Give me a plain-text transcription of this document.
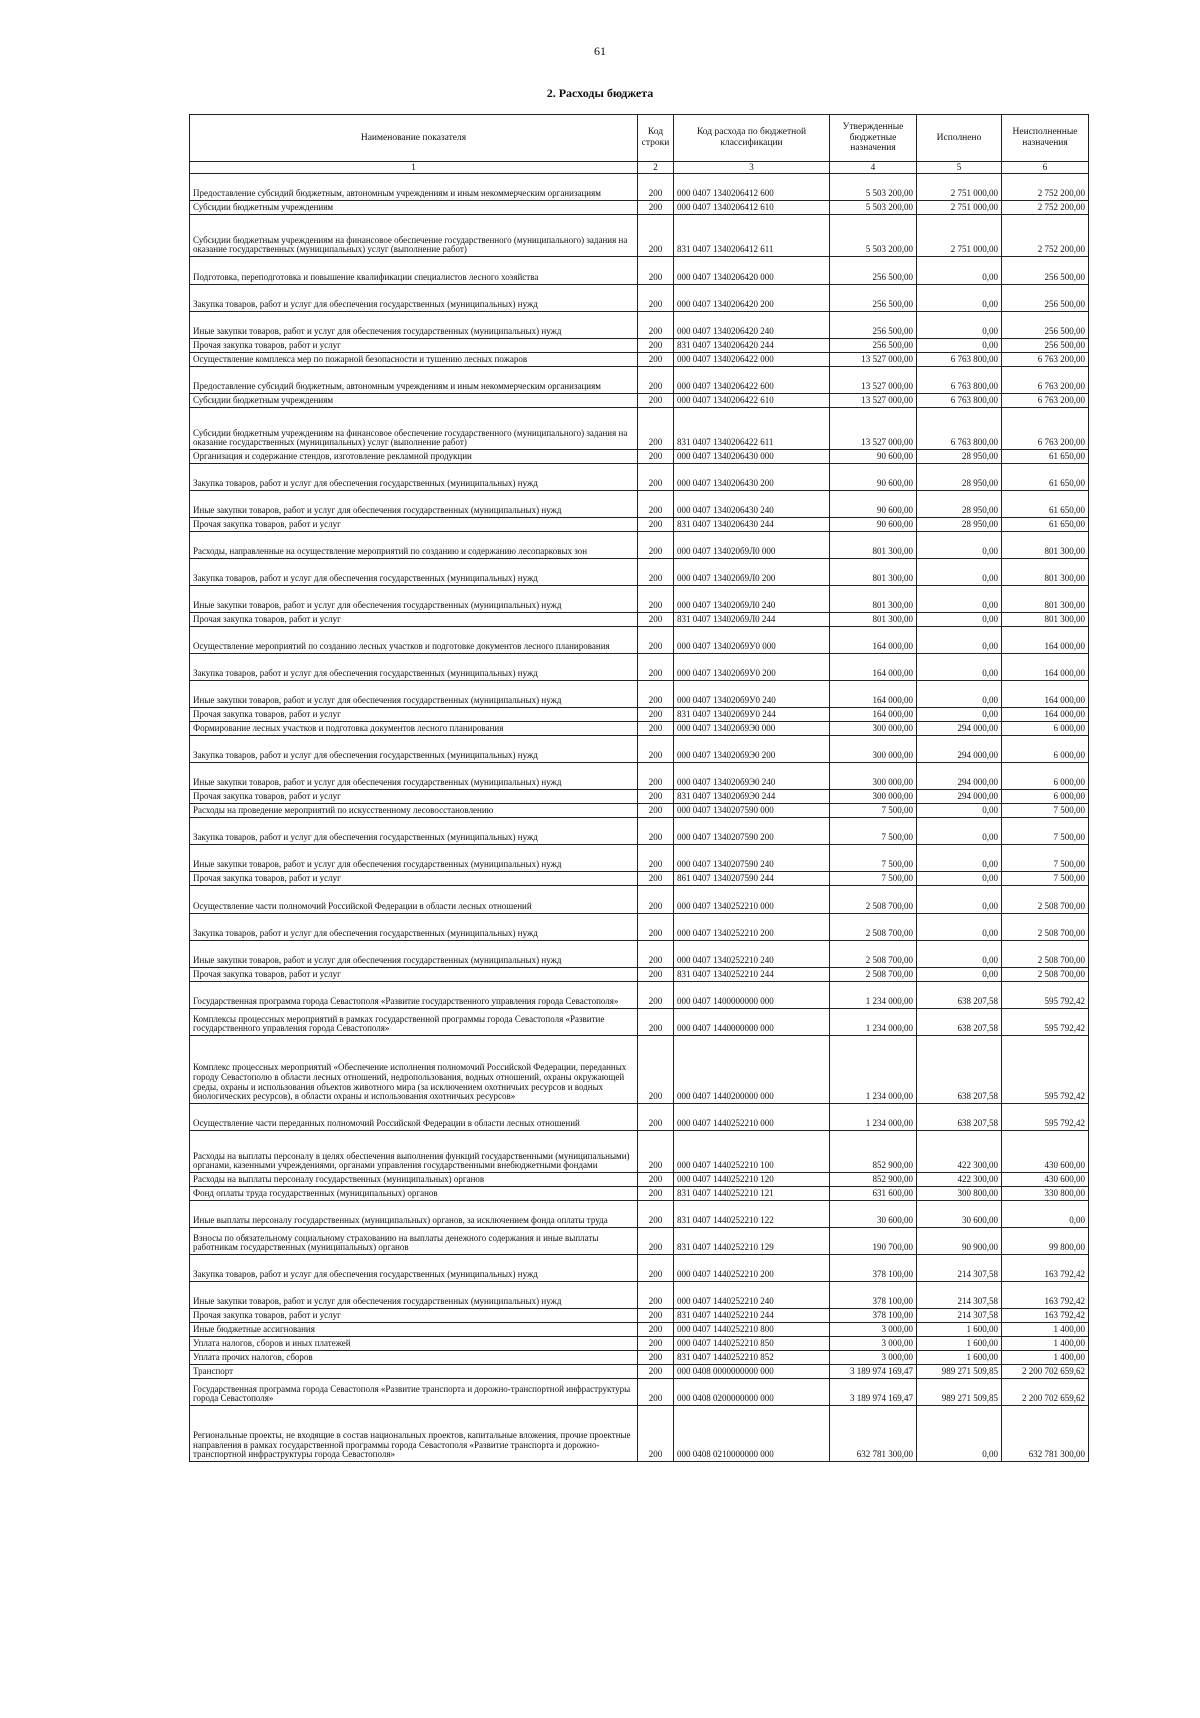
61
2. Расходы бюджета
Наименование показателя	Код строки	Код расхода по бюджетной классификации	Утвержденные бюджетные назначения	Исполнено	Неисполненные назначения
1	2	3	4	5	6
Предоставление субсидий бюджетным, автономным учреждениям и иным некоммерческим организациям	200	000 0407 1340206412 600	5 503 200,00	2 751 000,00	2 752 200,00
Субсидии бюджетным учреждениям	200	000 0407 1340206412 610	5 503 200,00	2 751 000,00	2 752 200,00
Субсидии бюджетным учреждениям на финансовое обеспечение государственного (муниципального) задания на оказание государственных (муниципальных) услуг (выполнение работ)	200	831 0407 1340206412 611	5 503 200,00	2 751 000,00	2 752 200,00
Подготовка, переподготовка и повышение квалификации специалистов лесного хозяйства	200	000 0407 1340206420 000	256 500,00	0,00	256 500,00
Закупка товаров, работ и услуг для обеспечения государственных (муниципальных) нужд	200	000 0407 1340206420 200	256 500,00	0,00	256 500,00
Иные закупки товаров, работ и услуг для обеспечения государственных (муниципальных) нужд	200	000 0407 1340206420 240	256 500,00	0,00	256 500,00
Прочая закупка товаров, работ и услуг	200	831 0407 1340206420 244	256 500,00	0,00	256 500,00
Осуществление комплекса мер по пожарной безопасности и тушению лесных пожаров	200	000 0407 1340206422 000	13 527 000,00	6 763 800,00	6 763 200,00
Предоставление субсидий бюджетным, автономным учреждениям и иным некоммерческим организациям	200	000 0407 1340206422 600	13 527 000,00	6 763 800,00	6 763 200,00
Субсидии бюджетным учреждениям	200	000 0407 1340206422 610	13 527 000,00	6 763 800,00	6 763 200,00
Субсидии бюджетным учреждениям на финансовое обеспечение государственного (муниципального) задания на оказание государственных (муниципальных) услуг (выполнение работ)	200	831 0407 1340206422 611	13 527 000,00	6 763 800,00	6 763 200,00
Организация и содержание стендов, изготовление рекламной продукции	200	000 0407 1340206430 000	90 600,00	28 950,00	61 650,00
Закупка товаров, работ и услуг для обеспечения государственных (муниципальных) нужд	200	000 0407 1340206430 200	90 600,00	28 950,00	61 650,00
Иные закупки товаров, работ и услуг для обеспечения государственных (муниципальных) нужд	200	000 0407 1340206430 240	90 600,00	28 950,00	61 650,00
Прочая закупка товаров, работ и услуг	200	831 0407 1340206430 244	90 600,00	28 950,00	61 650,00
Расходы, направленные на осуществление мероприятий по созданию и содержанию лесопарковых зон	200	000 0407 134020б9Л0 000	801 300,00	0,00	801 300,00
Закупка товаров, работ и услуг для обеспечения государственных (муниципальных) нужд	200	000 0407 134020б9Л0 200	801 300,00	0,00	801 300,00
Иные закупки товаров, работ и услуг для обеспечения государственных (муниципальных) нужд	200	000 0407 134020б9Л0 240	801 300,00	0,00	801 300,00
Прочая закупка товаров, работ и услуг	200	831 0407 134020б9Л0 244	801 300,00	0,00	801 300,00
Осуществление мероприятий по созданию лесных участков и подготовке документов лесного планирования	200	000 0407 134020б9У0 000	164 000,00	0,00	164 000,00
Закупка товаров, работ и услуг для обеспечения государственных (муниципальных) нужд	200	000 0407 134020б9У0 200	164 000,00	0,00	164 000,00
Иные закупки товаров, работ и услуг для обеспечения государственных (муниципальных) нужд	200	000 0407 134020б9У0 240	164 000,00	0,00	164 000,00
Прочая закупка товаров, работ и услуг	200	831 0407 134020б9У0 244	164 000,00	0,00	164 000,00
Формирование лесных участков и подготовка документов лесного планирования	200	000 0407 134020б9Э0 000	300 000,00	294 000,00	6 000,00
Закупка товаров, работ и услуг для обеспечения государственных (муниципальных) нужд	200	000 0407 134020б9Э0 200	300 000,00	294 000,00	6 000,00
Иные закупки товаров, работ и услуг для обеспечения государственных (муниципальных) нужд	200	000 0407 134020б9Э0 240	300 000,00	294 000,00	6 000,00
Прочая закупка товаров, работ и услуг	200	831 0407 134020б9Э0 244	300 000,00	294 000,00	6 000,00
Расходы на проведение мероприятий по искусственному лесовосстановлению	200	000 0407 1340207590 000	7 500,00	0,00	7 500,00
Закупка товаров, работ и услуг для обеспечения государственных (муниципальных) нужд	200	000 0407 1340207590 200	7 500,00	0,00	7 500,00
Иные закупки товаров, работ и услуг для обеспечения государственных (муниципальных) нужд	200	000 0407 1340207590 240	7 500,00	0,00	7 500,00
Прочая закупка товаров, работ и услуг	200	861 0407 1340207590 244	7 500,00	0,00	7 500,00
Осуществление части полномочий Российской Федерации в области лесных отношений	200	000 0407 1340252210 000	2 508 700,00	0,00	2 508 700,00
Закупка товаров, работ и услуг для обеспечения государственных (муниципальных) нужд	200	000 0407 1340252210 200	2 508 700,00	0,00	2 508 700,00
Иные закупки товаров, работ и услуг для обеспечения государственных (муниципальных) нужд	200	000 0407 1340252210 240	2 508 700,00	0,00	2 508 700,00
Прочая закупка товаров, работ и услуг	200	831 0407 1340252210 244	2 508 700,00	0,00	2 508 700,00
Государственная программа города Севастополя «Развитие государственного управления города Севастополя»	200	000 0407 1400000000 000	1 234 000,00	638 207,58	595 792,42
Комплексы процессных мероприятий в рамках государственной программы города Севастополя «Развитие государственного управления города Севастополя»	200	000 0407 1440000000 000	1 234 000,00	638 207,58	595 792,42
Комплекс процессных мероприятий «Обеспечение исполнения полномочий Российской Федерации, переданных городу Севастополю в области лесных отношений, недропользования, водных отношений, охраны окружающей среды, охраны и использования объектов животного мира (за исключением охотничьих ресурсов и водных биологических ресурсов), в области охраны и использования охотничьих ресурсов»	200	000 0407 1440200000 000	1 234 000,00	638 207,58	595 792,42
Осуществление части переданных полномочий Российской Федерации в области лесных отношений	200	000 0407 1440252210 000	1 234 000,00	638 207,58	595 792,42
Расходы на выплаты персоналу в целях обеспечения выполнения функций государственными (муниципальными) органами, казенными учреждениями, органами управления государственными внебюджетными фондами	200	000 0407 1440252210 100	852 900,00	422 300,00	430 600,00
Расходы на выплаты персоналу государственных (муниципальных) органов	200	000 0407 1440252210 120	852 900,00	422 300,00	430 600,00
Фонд оплаты труда государственных (муниципальных) органов	200	831 0407 1440252210 121	631 600,00	300 800,00	330 800,00
Иные выплаты персоналу государственных (муниципальных) органов, за исключением фонда оплаты труда	200	831 0407 1440252210 122	30 600,00	30 600,00	0,00
Взносы по обязательному социальному страхованию на выплаты денежного содержания и иные выплаты работникам государственных (муниципальных) органов	200	831 0407 1440252210 129	190 700,00	90 900,00	99 800,00
Закупка товаров, работ и услуг для обеспечения государственных (муниципальных) нужд	200	000 0407 1440252210 200	378 100,00	214 307,58	163 792,42
Иные закупки товаров, работ и услуг для обеспечения государственных (муниципальных) нужд	200	000 0407 1440252210 240	378 100,00	214 307,58	163 792,42
Прочая закупка товаров, работ и услуг	200	831 0407 1440252210 244	378 100,00	214 307,58	163 792,42
Иные бюджетные ассигнования	200	000 0407 1440252210 800	3 000,00	1 600,00	1 400,00
Уплата налогов, сборов и иных платежей	200	000 0407 1440252210 850	3 000,00	1 600,00	1 400,00
Уплата прочих налогов, сборов	200	831 0407 1440252210 852	3 000,00	1 600,00	1 400,00
Транспорт	200	000 0408 0000000000 000	3 189 974 169,47	989 271 509,85	2 200 702 659,62
Государственная программа города Севастополя «Развитие транспорта и дорожно-транспортной инфраструктуры города Севастополя»	200	000 0408 0200000000 000	3 189 974 169,47	989 271 509,85	2 200 702 659,62
Региональные проекты, не входящие в состав национальных проектов, капитальные вложения, прочие проектные направления в рамках государственной программы города Севастополя «Развитие транспорта и дорожно-транспортной инфраструктуры города Севастополя»	200	000 0408 0210000000 000	632 781 300,00	0,00	632 781 300,00
